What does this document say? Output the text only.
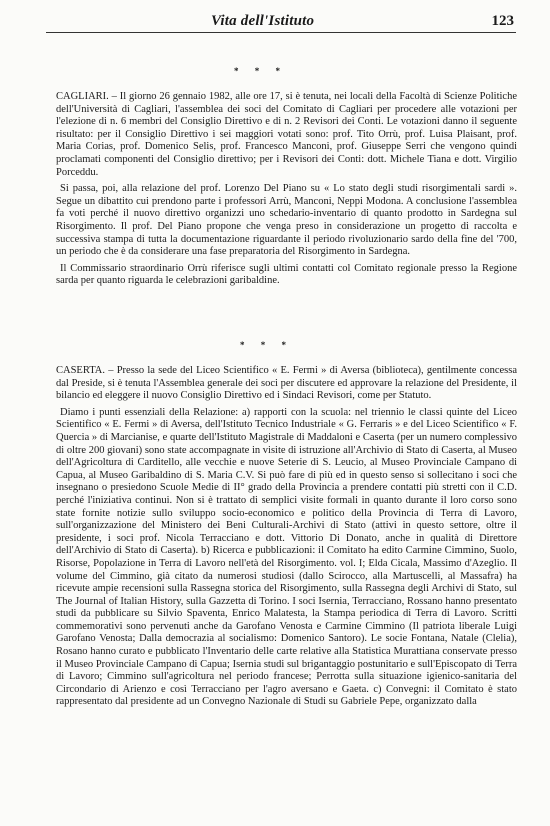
Vita dell'Istituto	123
* * *

CAGLIARI. – Il giorno 26 gennaio 1982, alle ore 17, si è tenuta, nei locali della Facoltà di Scienze Politiche dell'Università di Cagliari, l'assemblea dei soci del Comitato di Cagliari per procedere alle votazioni per l'elezione di n. 6 membri del Consiglio Direttivo e di n. 2 Revisori dei Conti. Le votazioni danno il seguente risultato: per il Consiglio Direttivo i sei maggiori votati sono: prof. Tito Orrù, prof. Luisa Plaisant, prof. Maria Corias, prof. Domenico Selis, prof. Francesco Manconi, prof. Giuseppe Serri che vengono quindi proclamati componenti del Consiglio direttivo; per i Revisori dei Conti: dott. Michele Tiana e dott. Virgilio Porceddu.

Si passa, poi, alla relazione del prof. Lorenzo Del Piano su « Lo stato degli studi risorgimentali sardi ». Segue un dibattito cui prendono parte i professori Arrù, Manconi, Neppi Modona. A conclusione l'assemblea fa voti perché il nuovo direttivo organizzi uno schedario-inventario di quanto prodotto in Sardegna sul Risorgimento. Il prof. Del Piano propone che venga preso in considerazione un progetto di raccolta e successiva stampa di tutta la documentazione riguardante il periodo rivoluzionario sardo della fine del '700, un periodo che è da considerare una fase preparatoria del Risorgimento in Sardegna.

Il Commissario straordinario Orrù riferisce sugli ultimi contatti col Comitato regionale presso la Regione sarda per quanto riguarda le celebrazioni garibaldine.

* * *

CASERTA. – Presso la sede del Liceo Scientifico « E. Fermi » di Aversa (biblioteca), gentilmente concessa dal Preside, si è tenuta l'Assemblea generale dei soci per discutere ed approvare la relazione del Presidente, il bilancio ed eleggere il nuovo Consiglio Direttivo ed i Sindaci Revisori, come per Statuto.

Diamo i punti essenziali della Relazione: a) rapporti con la scuola: nel triennio le classi quinte del Liceo Scientifico « E. Fermi » di Aversa, dell'Istituto Tecnico Industriale « G. Ferraris » e del Liceo Scientifico « F. Quercia » di Marcianise, e quarte dell'Istituto Magistrale di Maddaloni e Caserta (per un numero complessivo di oltre 200 giovani) sono state accompagnate in visite di istruzione all'Archivio di Stato di Caserta, al Museo dell'Agricoltura di Carditello, alle vecchie e nuove Seterie di S. Leucio, al Museo Provinciale Campano di Capua, al Museo Garibaldino di S. Maria C.V. Si può fare di più ed in questo senso si sollecitano i soci che insegnano o presiedono Scuole Medie di II° grado della Provincia a prendere contatti più stretti con il C.D. perché l'iniziativa continui. Non si è trattato di semplici visite formali in quanto durante il loro corso sono state fornite notizie sullo sviluppo socio-economico e politico della Provincia di Terra di Lavoro, sull'organizzazione del Ministero dei Beni Culturali-Archivi di Stato (attivi in questo settore, oltre il presidente, i soci prof. Nicola Terracciano e dott. Vittorio Di Donato, anche in qualità di Direttore dell'Archivio di Stato di Caserta). b) Ricerca e pubblicazioni: il Comitato ha edito Carmine Cimmino, Suolo, Risorse, Popolazione in Terra di Lavoro nell'età del Risorgimento. vol. I; Elda Cicala, Massimo d'Azeglio. Il volume del Cimmino, già citato da numerosi studiosi (dallo Scirocco, alla Martuscelli, al Massafra) ha ricevute ampie recensioni sulla Rassegna storica del Risorgimento, sulla Rassegna degli Archivi di Stato, sul The Journal of Italian History, sulla Gazzetta di Torino. I soci Isernia, Terracciano, Rossano hanno presentato studi da pubblicare su Silvio Spaventa, Enrico Malatesta, la Stampa periodica di Terra di Lavoro. Scritti commemorativi sono pervenuti anche da Garofano Venosta e Carmine Cimmino (Il patriota liberale Luigi Garofano Venosta; Dalla democrazia al socialismo: Domenico Santoro). Le socie Fontana, Natale (Clelia), Rosano hanno curato e pubblicato l'Inventario delle carte relative alla Statistica Murattiana conservate presso il Museo Provinciale Campano di Capua; Isernia studi sul brigantaggio postunitario e sull'Episcopato di Terra di Lavoro; Cimmino sull'agricoltura nel periodo francese; Perrotta sulla situazione igienico-sanitaria del Circondario di Arienzo e così Terracciano per l'agro aversano e Gaeta. c) Convegni: il Comitato è stato rappresentato dal presidente ad un Convegno Nazionale di Studi su Gabriele Pepe, organizzato dalla
